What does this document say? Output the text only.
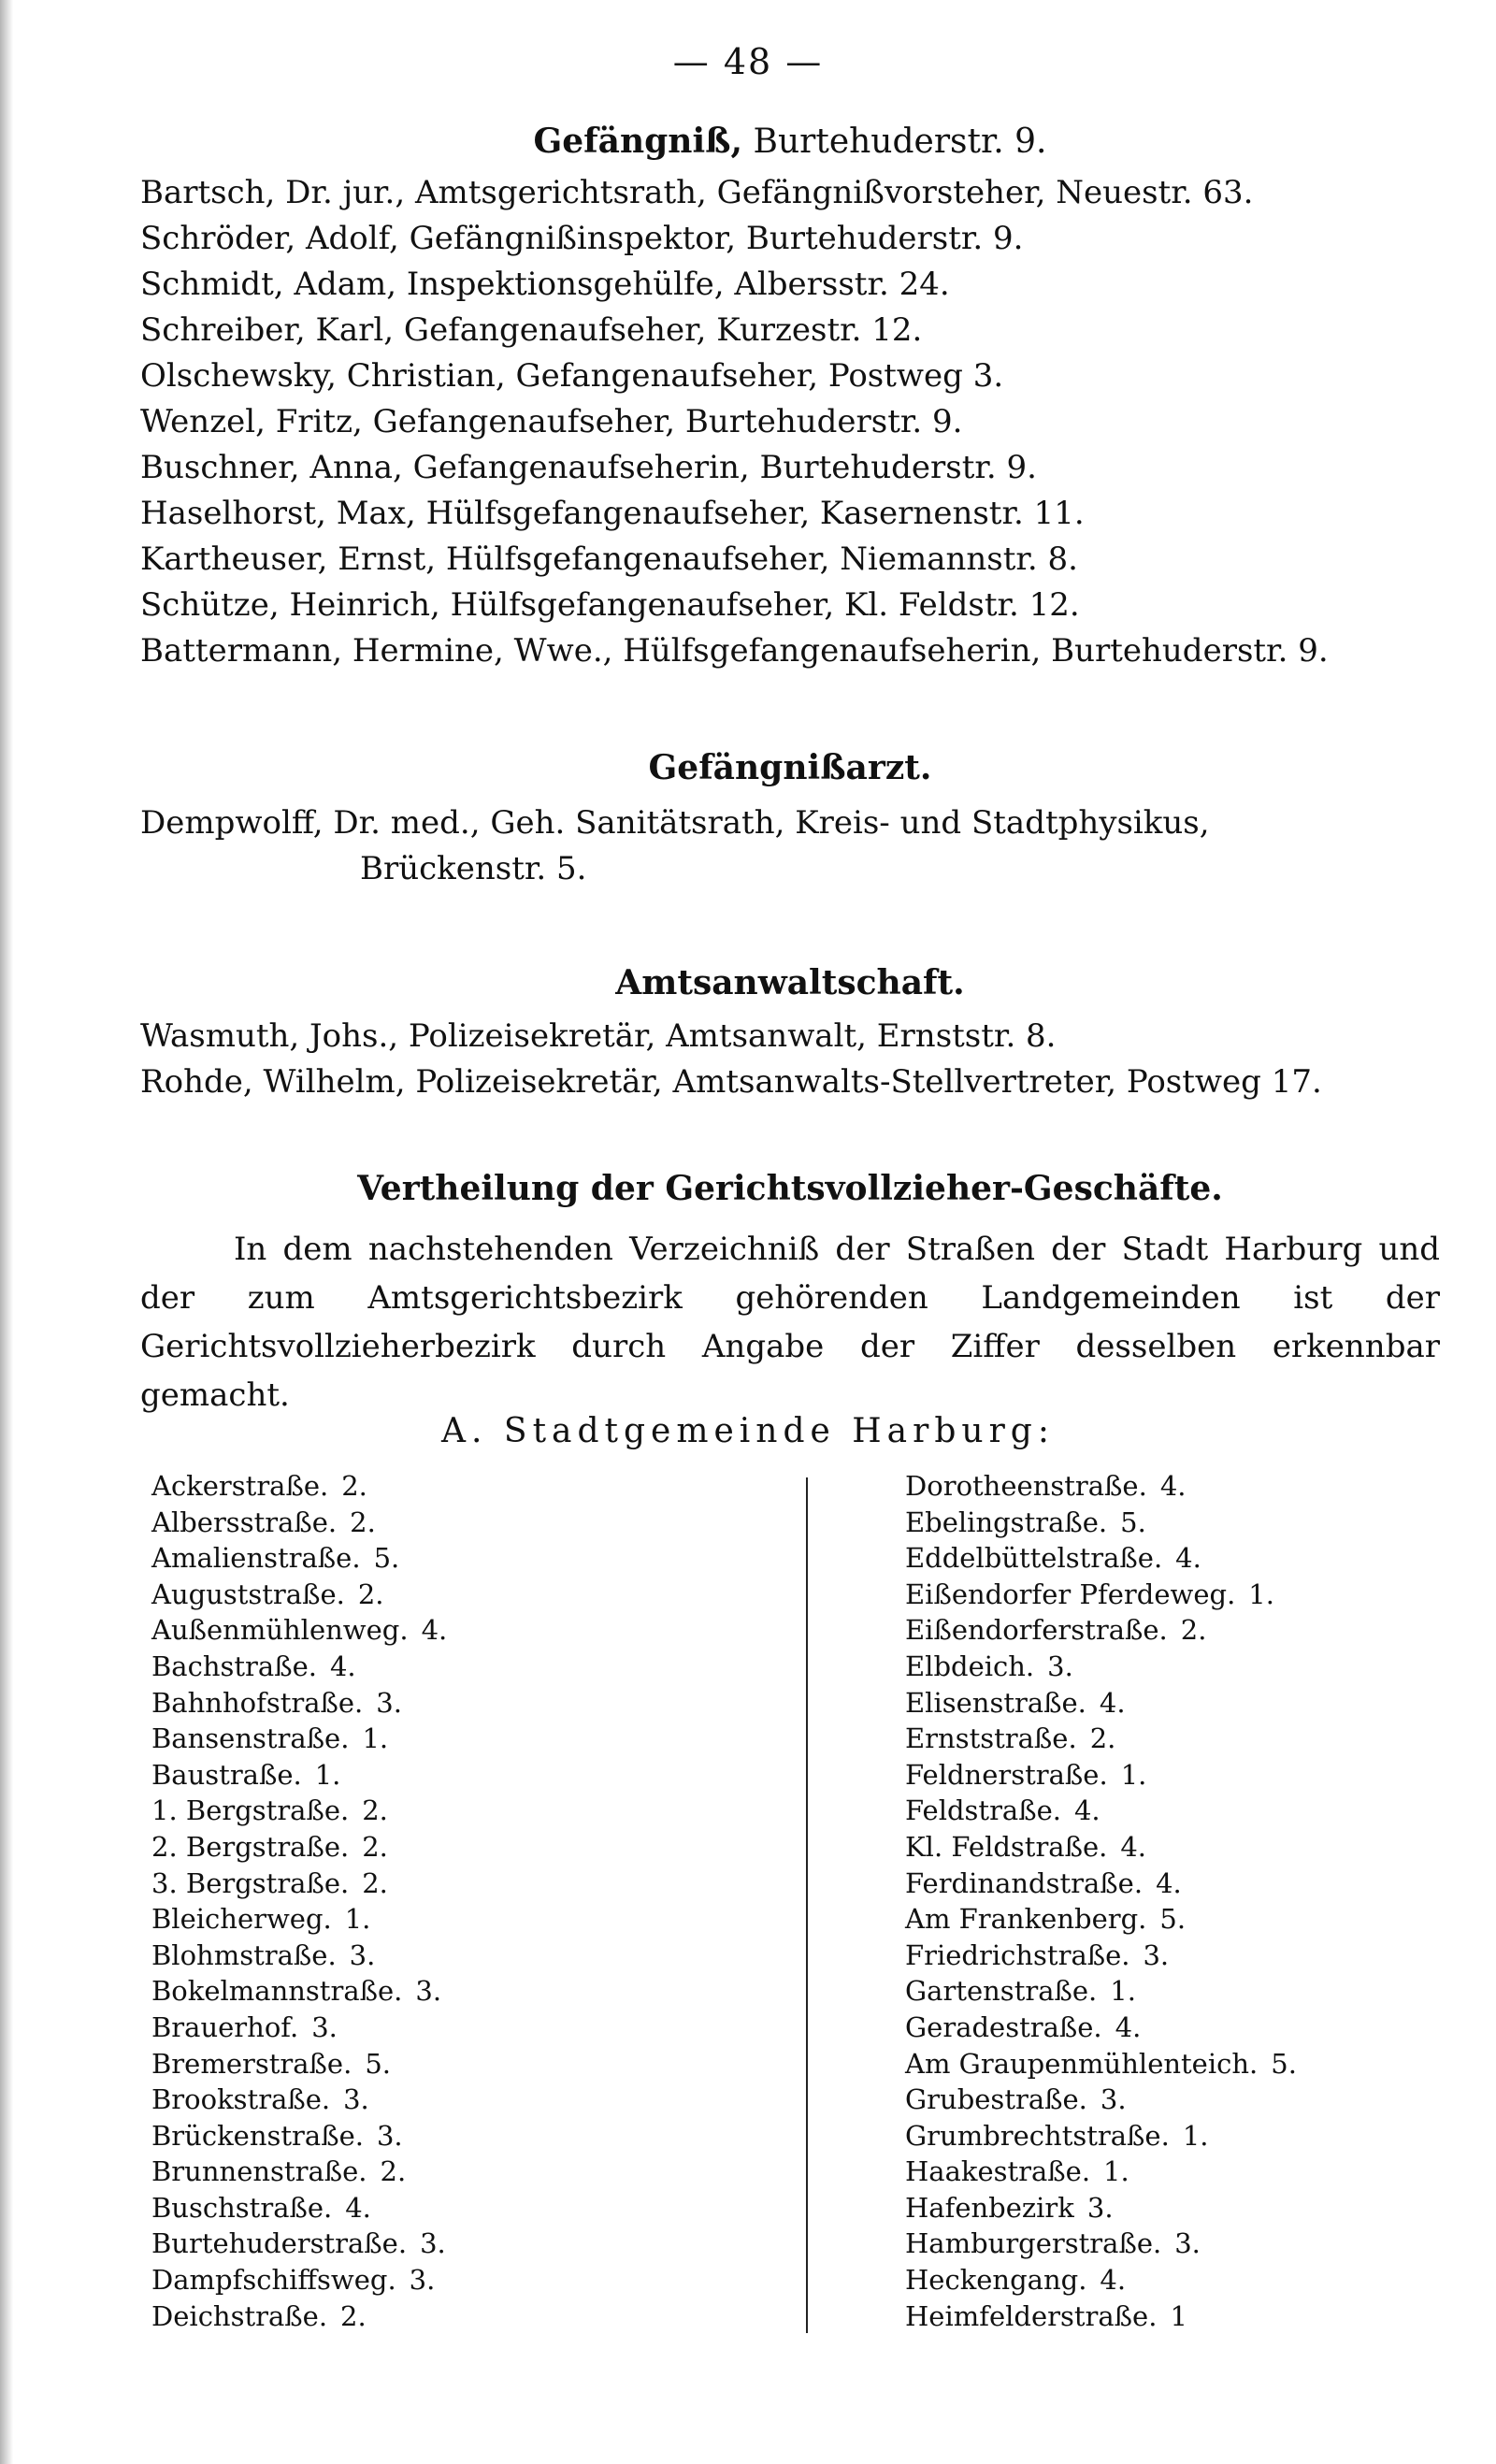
— 48 —

Gefängniß, Burtehuderstr. 9.

Bartsch, Dr. jur., Amtsgerichtsrath, Gefängnißvorsteher, Neuestr. 63.

Schröder, Adolf, Gefängnißinspektor, Burtehuderstr. 9.

Schmidt, Adam, Inspektionsgehülfe, Albersstr. 24.

Schreiber, Karl, Gefangenaufseher, Kurzestr. 12.

Olschewsky, Christian, Gefangenaufseher, Postweg 3.

Wenzel, Fritz, Gefangenaufseher, Burtehuderstr. 9.

Buschner, Anna, Gefangenaufseherin, Burtehuderstr. 9.

Haselhorst, Max, Hülfsgefangenaufseher, Kasernenstr. 11.

Kartheuser, Ernst, Hülfsgefangenaufseher, Niemannstr. 8.

Schütze, Heinrich, Hülfsgefangenaufseher, Kl. Feldstr. 12.

Battermann, Hermine, Wwe., Hülfsgefangenaufseherin, Burtehuderstr. 9.

Gefängnißarzt.

Dempwolff, Dr. med., Geh. Sanitätsrath, Kreis- und Stadtphysikus,

Brückenstr. 5.

Amtsanwaltschaft.

Wasmuth, Johs., Polizeisekretär, Amtsanwalt, Ernststr. 8.

Rohde, Wilhelm, Polizeisekretär, Amtsanwalts-Stellvertreter, Postweg 17.

Vertheilung der Gerichtsvollzieher-Geschäfte.

In dem nachstehenden Verzeichniß der Straßen der Stadt Harburg und der zum Amtsgerichtsbezirk gehörenden Landgemeinden ist der Gerichtsvollzieherbezirk durch Angabe der Ziffer desselben erkennbar gemacht.

A. Stadtgemeinde Harburg:
Ackerstraße. 2.
Albersstraße. 2.
Amalienstraße. 5.
Auguststraße. 2.
Außenmühlenweg. 4.
Bachstraße. 4.
Bahnhofstraße. 3.
Bansenstraße. 1.
Baustraße. 1.
1. Bergstraße. 2.
2. Bergstraße. 2.
3. Bergstraße. 2.
Bleicherweg. 1.
Blohmstraße. 3.
Bokelmannstraße. 3.
Brauerhof. 3.
Bremerstraße. 5.
Brookstraße. 3.
Brückenstraße. 3.
Brunnenstraße. 2.
Buschstraße. 4.
Burtehuderstraße. 3.
Dampfschiffsweg. 3.
Deichstraße. 2.
Dorotheenstraße. 4.
Ebelingstraße. 5.
Eddelbüttelstraße. 4.
Eißendorfer Pferdeweg. 1.
Eißendorferstraße. 2.
Elbdeich. 3.
Elisenstraße. 4.
Ernststraße. 2.
Feldnerstraße. 1.
Feldstraße. 4.
Kl. Feldstraße. 4.
Ferdinandstraße. 4.
Am Frankenberg. 5.
Friedrichstraße. 3.
Gartenstraße. 1.
Geradestraße. 4.
Am Graupenmühlenteich. 5.
Grubestraße. 3.
Grumbrechtstraße. 1.
Haakestraße. 1.
Hafenbezirk 3.
Hamburgerstraße. 3.
Heckengang. 4.
Heimfelderstraße. 1
